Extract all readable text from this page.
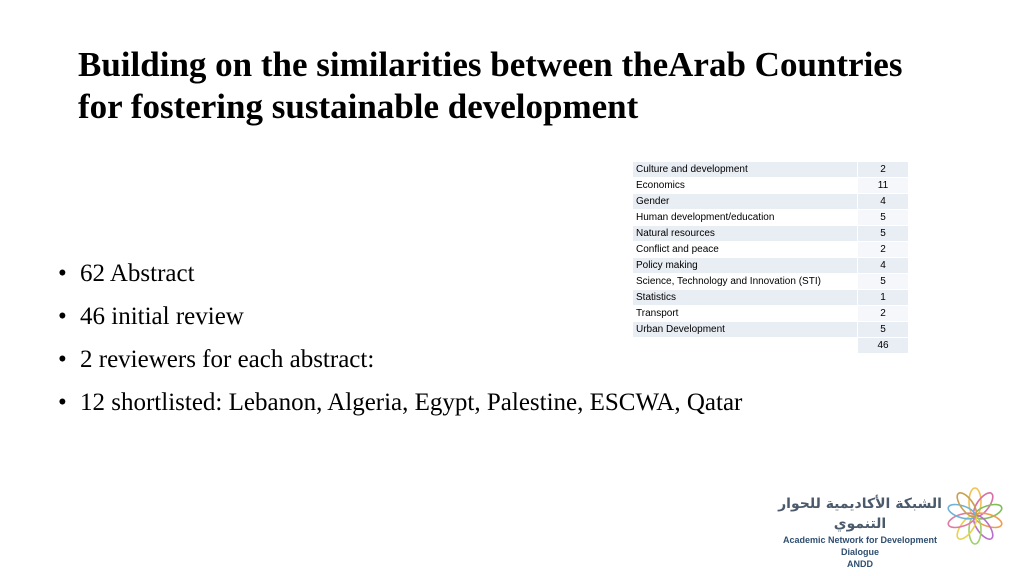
Building on the similarities between theArab Countries
for fostering sustainable development
• 62 Abstract
• 46 initial review
• 2 reviewers for each abstract:
• 12 shortlisted: Lebanon, Algeria, Egypt, Palestine, ESCWA, Qatar
Culture and development	2
Economics	11
Gender	4
Human development/education	5
Natural resources	5
Conflict and peace	2
Policy making	4
Science, Technology and Innovation (STI)	5
Statistics	1
Transport	2
Urban Development	5
	46
الشبكة الأكاديمية للحوار التنموي
Academic Network for Development Dialogue
ANDD
